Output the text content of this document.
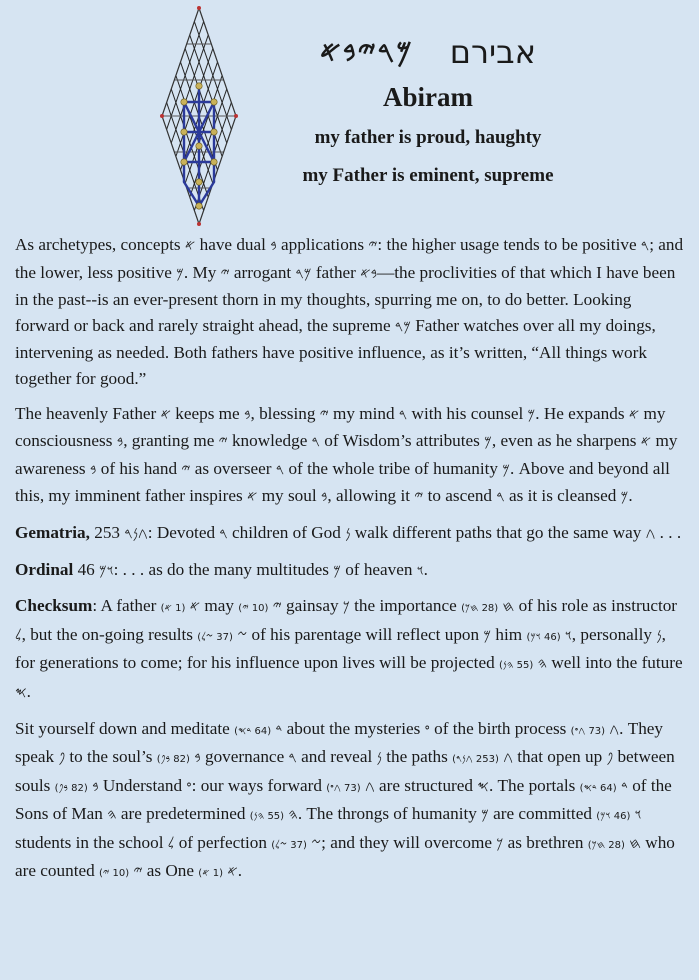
𐤌𐤓𐤉𐤁𐤀 אבירם
Abiram
my father is proud, haughty
my Father is eminent, supreme

As archetypes, concepts 𐤀 have dual 𐤁 applications 𐤉: the higher usage tends to be positive 𐤓; and the lower, less positive 𐤌. My 𐤉 arrogant 𐤌𐤓 father 𐤁𐤀—the proclivities of that which I have been in the past--is an ever-present thorn in my thoughts, spurring me on, to do better. Looking forward or back and rarely straight ahead, the supreme 𐤌𐤓 Father watches over all my doings, intervening as needed. Both fathers have positive influence, as it’s written, “All things work together for good.”

The heavenly Father 𐤀 keeps me 𐤁, blessing 𐤉 my mind 𐤓 with his counsel 𐤌. He expands 𐤀 my consciousness 𐤁, granting me 𐤉 knowledge 𐤓 of Wisdom’s attributes 𐤌, even as he sharpens 𐤀 my awareness 𐤁 of his hand 𐤉 as overseer 𐤓 of the whole tribe of humanity 𐤌. Above and beyond all this, my imminent father inspires 𐤀 my soul 𐤁, allowing it 𐤉 to ascend 𐤓 as it is cleansed 𐤌.

Gematria, 253 𐤂𐤍𐤓: Devoted 𐤓 children of God 𐤍 walk different paths that go the same way 𐤂 . . .

Ordinal 46 𐤅𐤌: . . . as do the many multitudes 𐤌 of heaven 𐤅.

Checksum: A father 𐤀 (1 𐤀) may 𐤉 (10 𐤉) gainsay 𐤊 the importance	𐤇 (28 𐤇𐤊)	of his role as instructor 𐤋, but the on-going results	𐤆 (37 𐤆𐤋)	of his parentage will reflect upon 𐤌 him	𐤅 (46 𐤅𐤌) , personally 𐤍, for generations to come; for his influence upon lives will be projected	𐤄 (55 𐤄𐤍)	well into the future 𐤎.

Sit yourself down and meditate	𐤃 (64 𐤃𐤎)	about the mysteries 𐤏 of the birth process	𐤂 (73 𐤂𐤏)	. They speak 𐤐 to the soul’s	𐤁 (82 𐤁𐤐) governance 𐤓 and reveal 𐤍 the paths	𐤂 (253 𐤂𐤍𐤓)	that open up 𐤐 between souls	𐤁 (82 𐤁𐤐) Understand 𐤏: our ways forward	𐤂 (73 𐤂𐤏)	are structured 𐤎. The portals	𐤃 (64 𐤃𐤎)	of the Sons of Man 𐤄 are predetermined	𐤄 (55 𐤄𐤍)	. The throngs of humanity 𐤌 are committed	𐤅 (46 𐤅𐤌) students in the school 𐤋 of perfection	𐤆 (37 𐤆𐤋)	; and they will overcome 𐤊 as brethren	𐤇 (28 𐤇𐤊)	who are counted 𐤉 (10 𐤉) as One 𐤀 (1 𐤀) .
